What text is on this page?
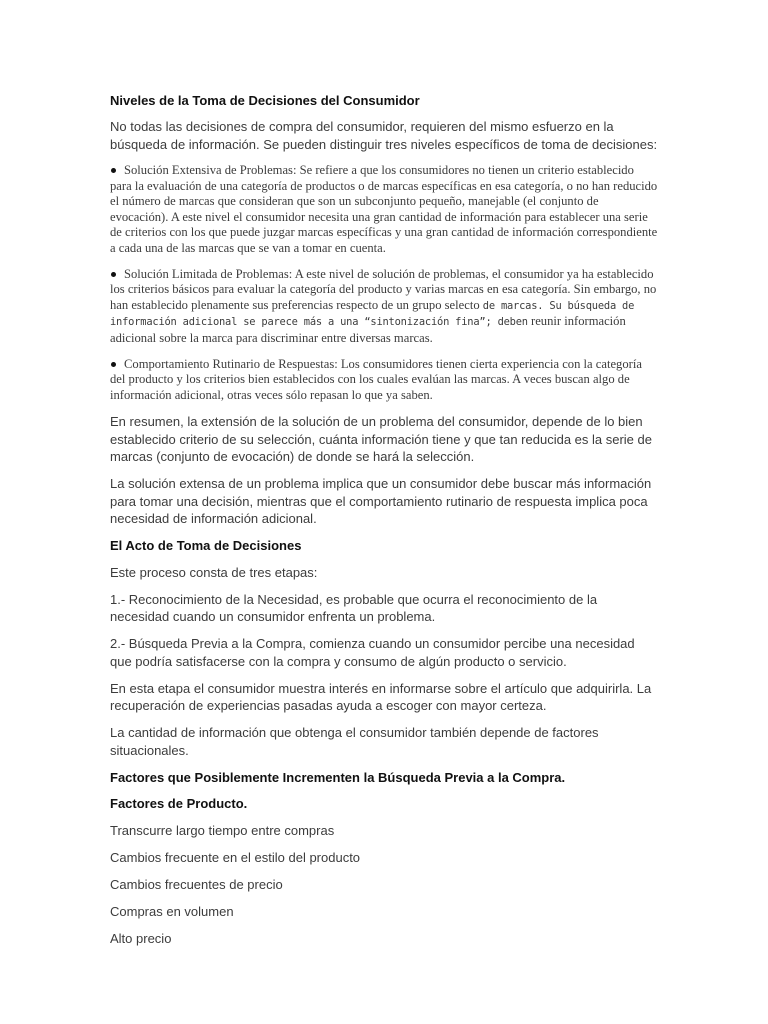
Niveles de la Toma de Decisiones del Consumidor

No todas las decisiones de compra del consumidor, requieren del mismo esfuerzo en la búsqueda de información. Se pueden distinguir tres niveles específicos de toma de decisiones:

Solución Extensiva de Problemas: Se refiere a que los consumidores no tienen un criterio establecido para la evaluación de una categoría de productos o de marcas específicas en esa categoría, o no han reducido el número de marcas que consideran que son un subconjunto pequeño, manejable (el conjunto de evocación). A este nivel el consumidor necesita una gran cantidad de información para establecer una serie de criterios con los que puede juzgar marcas específicas y una gran cantidad de información correspondiente a cada una de las marcas que se van a tomar en cuenta.

Solución Limitada de Problemas: A este nivel de solución de problemas, el consumidor ya ha establecido los criterios básicos para evaluar la categoría del producto y varias marcas en esa categoría. Sin embargo, no han establecido plenamente sus preferencias respecto de un grupo selecto de marcas. Su búsqueda de información adicional se parece más a una “sintonización fina”; deben reunir información adicional sobre la marca para discriminar entre diversas marcas.

Comportamiento Rutinario de Respuestas: Los consumidores tienen cierta experiencia con la categoría del producto y los criterios bien establecidos con los cuales evalúan las marcas. A veces buscan algo de información adicional, otras veces sólo repasan lo que ya saben.

En resumen, la extensión de la solución de un problema del consumidor, depende de lo bien establecido criterio de su selección, cuánta información tiene y que tan reducida es la serie de marcas (conjunto de evocación) de donde se hará la selección.

La solución extensa de un problema implica que un consumidor debe buscar más información para tomar una decisión, mientras que el comportamiento rutinario de respuesta implica poca necesidad de información adicional.

El Acto de Toma de Decisiones

Este proceso consta de tres etapas:

1.- Reconocimiento de la Necesidad, es probable que ocurra el reconocimiento de la necesidad cuando un consumidor enfrenta un problema.

2.- Búsqueda Previa a la Compra, comienza cuando un consumidor percibe una necesidad que podría satisfacerse con la compra y consumo de algún producto o servicio.

En esta etapa el consumidor muestra interés en informarse sobre el artículo que adquirirla. La recuperación de experiencias pasadas ayuda a escoger con mayor certeza.

La cantidad de información que obtenga el consumidor también depende de factores situacionales.

Factores que Posiblemente Incrementen la Búsqueda Previa a la Compra.

Factores de Producto.

Transcurre largo tiempo entre compras

Cambios frecuente en el estilo del producto

Cambios frecuentes de precio

Compras en volumen

Alto precio
